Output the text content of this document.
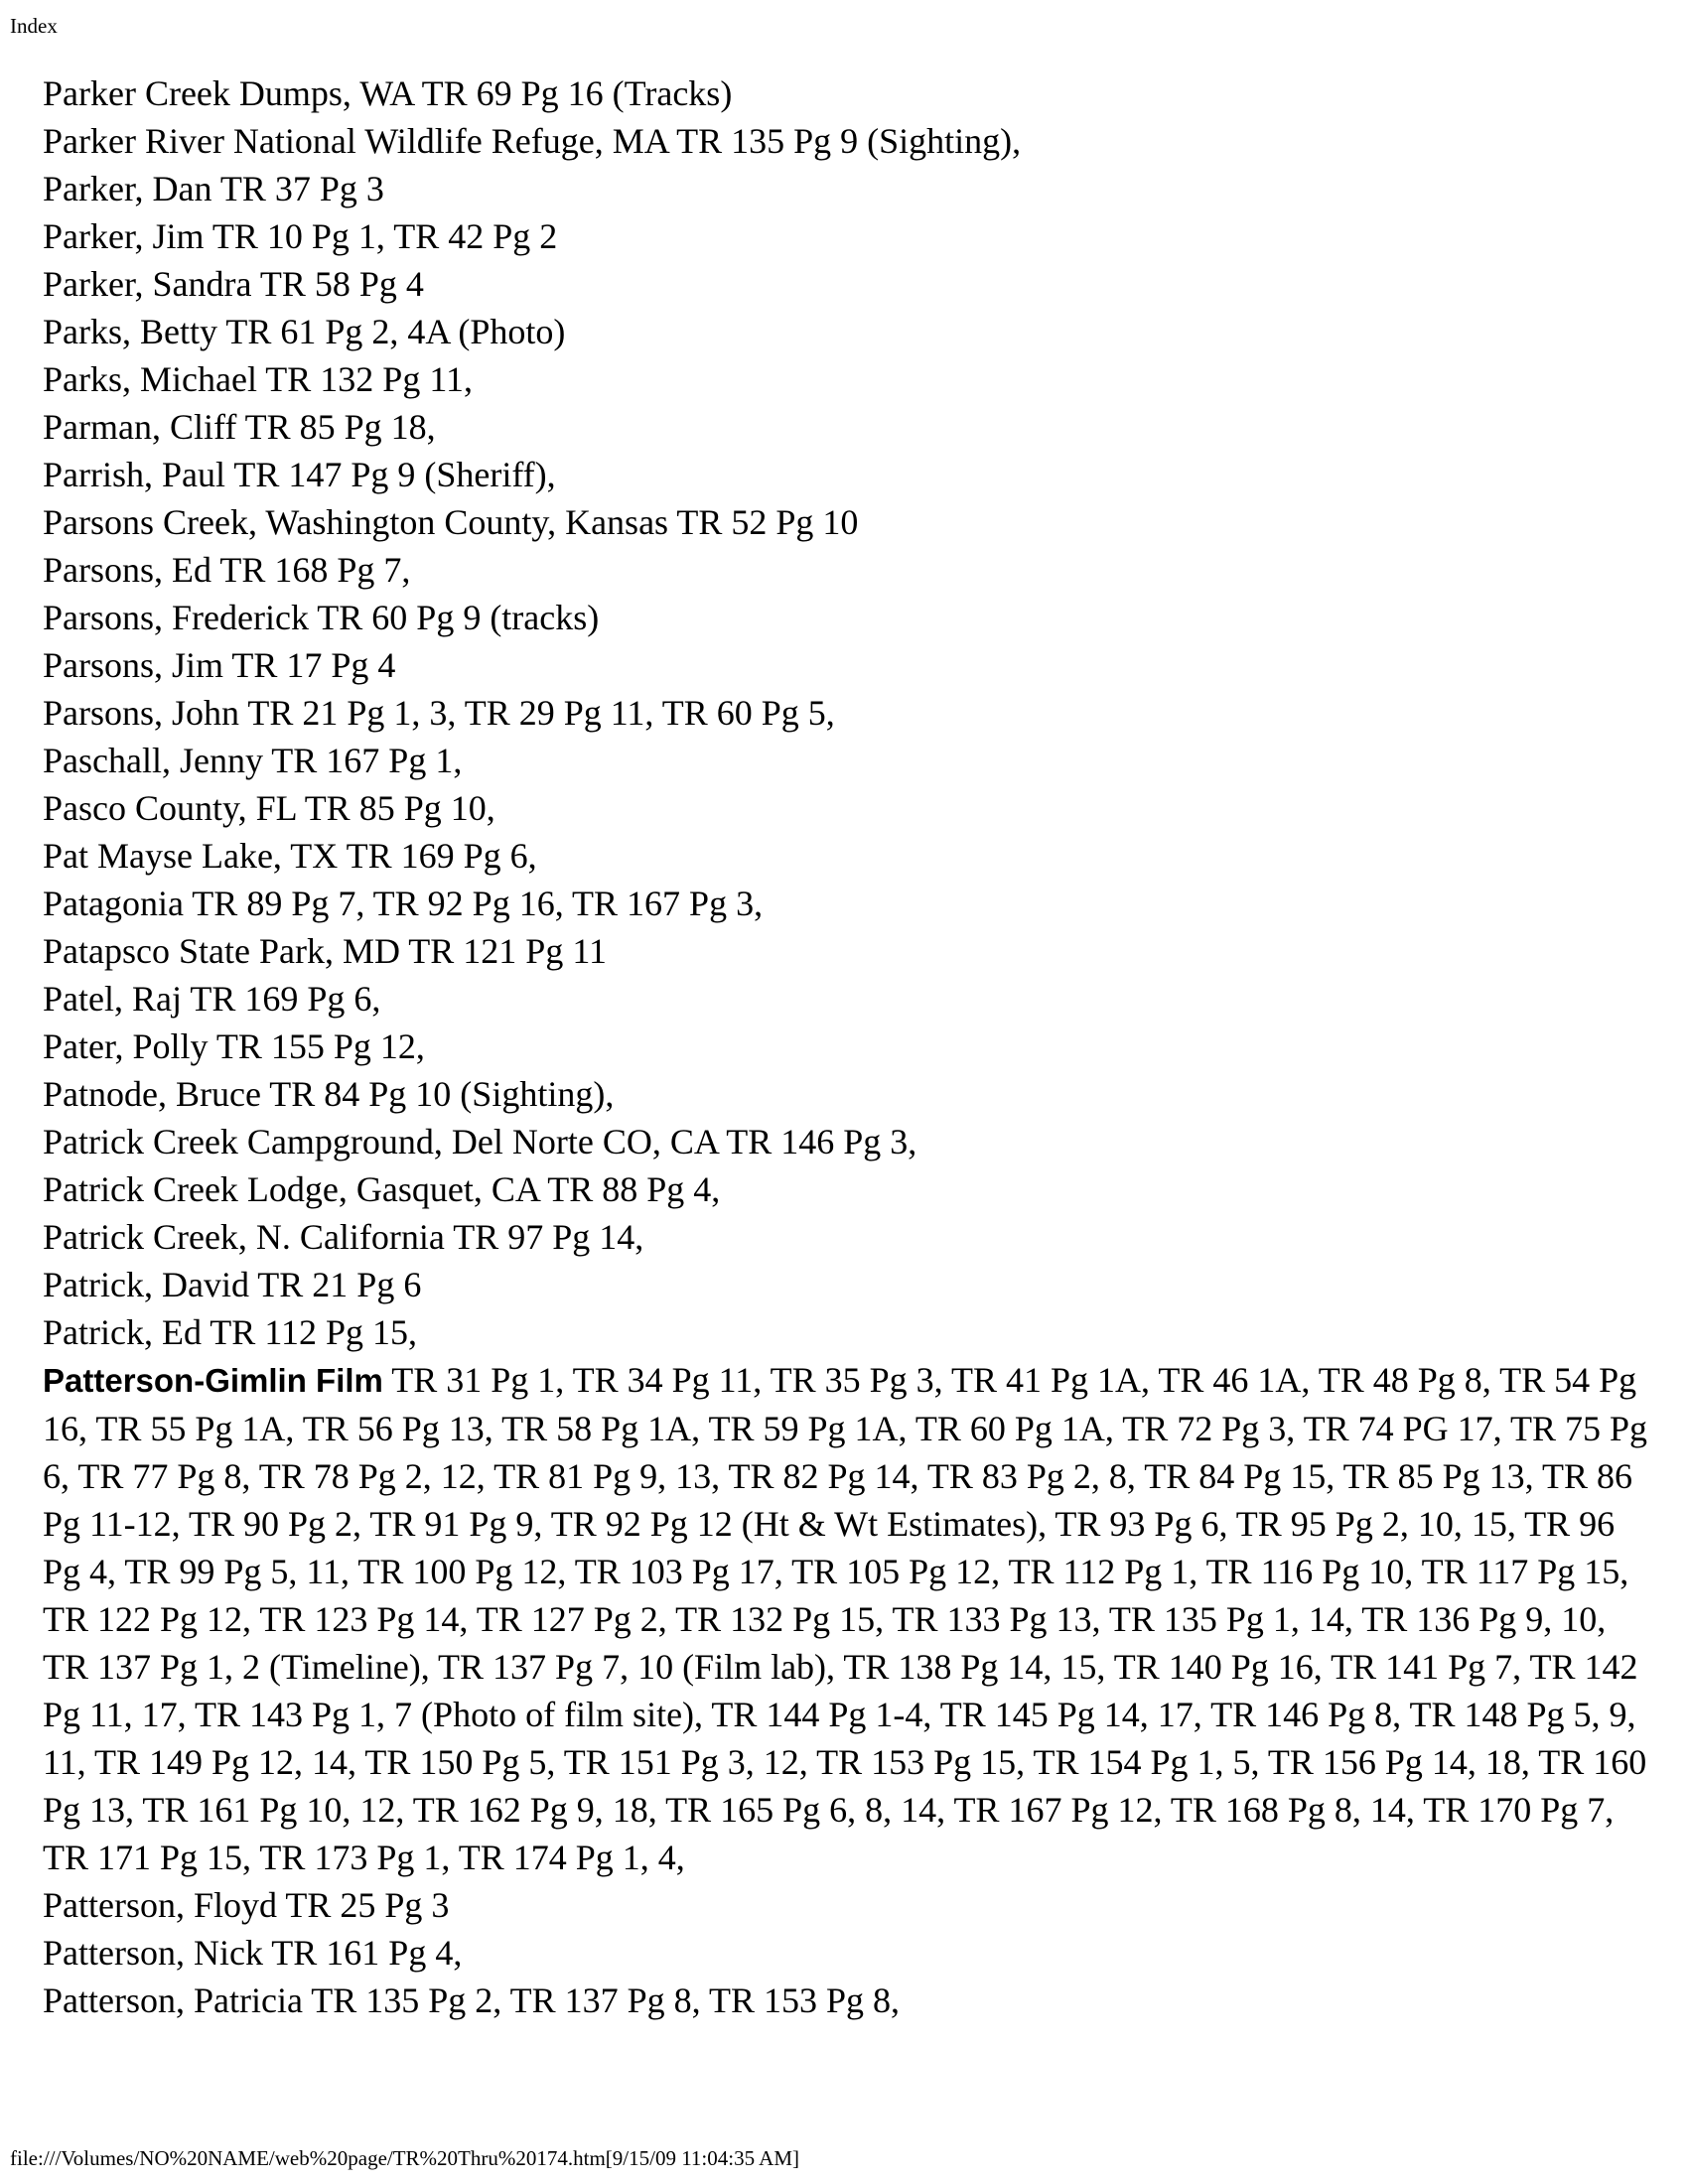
Index

Parker Creek Dumps, WA TR 69 Pg 16 (Tracks)

Parker River National Wildlife Refuge, MA TR 135 Pg 9 (Sighting),

Parker, Dan TR 37 Pg 3

Parker, Jim TR 10 Pg 1, TR 42 Pg 2

Parker, Sandra TR 58 Pg 4

Parks, Betty TR 61 Pg 2, 4A (Photo)

Parks, Michael TR 132 Pg 11,

Parman, Cliff TR 85 Pg 18,

Parrish, Paul TR 147 Pg 9 (Sheriff),

Parsons Creek, Washington County, Kansas TR 52 Pg 10

Parsons, Ed TR 168 Pg 7,

Parsons, Frederick TR 60 Pg 9 (tracks)

Parsons, Jim TR 17 Pg 4

Parsons, John TR 21 Pg 1, 3, TR 29 Pg 11, TR 60 Pg 5,

Paschall, Jenny TR 167 Pg 1,

Pasco County, FL TR 85 Pg 10,

Pat Mayse Lake, TX TR 169 Pg 6,

Patagonia TR 89 Pg 7, TR 92 Pg 16, TR 167 Pg 3,

Patapsco State Park, MD TR 121 Pg 11

Patel, Raj TR 169 Pg 6,

Pater, Polly TR 155 Pg 12,

Patnode, Bruce TR 84 Pg 10 (Sighting),

Patrick Creek Campground, Del Norte CO, CA TR 146 Pg 3,

Patrick Creek Lodge, Gasquet, CA TR 88 Pg 4,

Patrick Creek, N. California TR 97 Pg 14,

Patrick, David TR 21 Pg 6

Patrick, Ed TR 112 Pg 15,

Patterson-Gimlin Film TR 31 Pg 1, TR 34 Pg 11, TR 35 Pg 3, TR 41 Pg 1A, TR 46 1A, TR 48 Pg 8, TR 54 Pg 16, TR 55 Pg 1A, TR 56 Pg 13, TR 58 Pg 1A, TR 59 Pg 1A, TR 60 Pg 1A, TR 72 Pg 3, TR 74 PG 17, TR 75 Pg 6, TR 77 Pg 8, TR 78 Pg 2, 12, TR 81 Pg 9, 13, TR 82 Pg 14, TR 83 Pg 2, 8, TR 84 Pg 15, TR 85 Pg 13, TR 86 Pg 11-12, TR 90 Pg 2, TR 91 Pg 9, TR 92 Pg 12 (Ht & Wt Estimates), TR 93 Pg 6, TR 95 Pg 2, 10, 15, TR 96 Pg 4, TR 99 Pg 5, 11, TR 100 Pg 12, TR 103 Pg 17, TR 105 Pg 12, TR 112 Pg 1, TR 116 Pg 10, TR 117 Pg 15, TR 122 Pg 12, TR 123 Pg 14, TR 127 Pg 2, TR 132 Pg 15, TR 133 Pg 13, TR 135 Pg 1, 14, TR 136 Pg 9, 10, TR 137 Pg 1, 2 (Timeline), TR 137 Pg 7, 10 (Film lab), TR 138 Pg 14, 15, TR 140 Pg 16, TR 141 Pg 7, TR 142 Pg 11, 17, TR 143 Pg 1, 7 (Photo of film site), TR 144 Pg 1-4, TR 145 Pg 14, 17, TR 146 Pg 8, TR 148 Pg 5, 9, 11, TR 149 Pg 12, 14, TR 150 Pg 5, TR 151 Pg 3, 12, TR 153 Pg 15, TR 154 Pg 1, 5, TR 156 Pg 14, 18, TR 160 Pg 13, TR 161 Pg 10, 12, TR 162 Pg 9, 18, TR 165 Pg 6, 8, 14, TR 167 Pg 12, TR 168 Pg 8, 14, TR 170 Pg 7, TR 171 Pg 15, TR 173 Pg 1, TR 174 Pg 1, 4,

Patterson, Floyd TR 25 Pg 3

Patterson, Nick TR 161 Pg 4,

Patterson, Patricia TR 135 Pg 2, TR 137 Pg 8, TR 153 Pg 8,

file:///Volumes/NO%20NAME/web%20page/TR%20Thru%20174.htm[9/15/09 11:04:35 AM]
